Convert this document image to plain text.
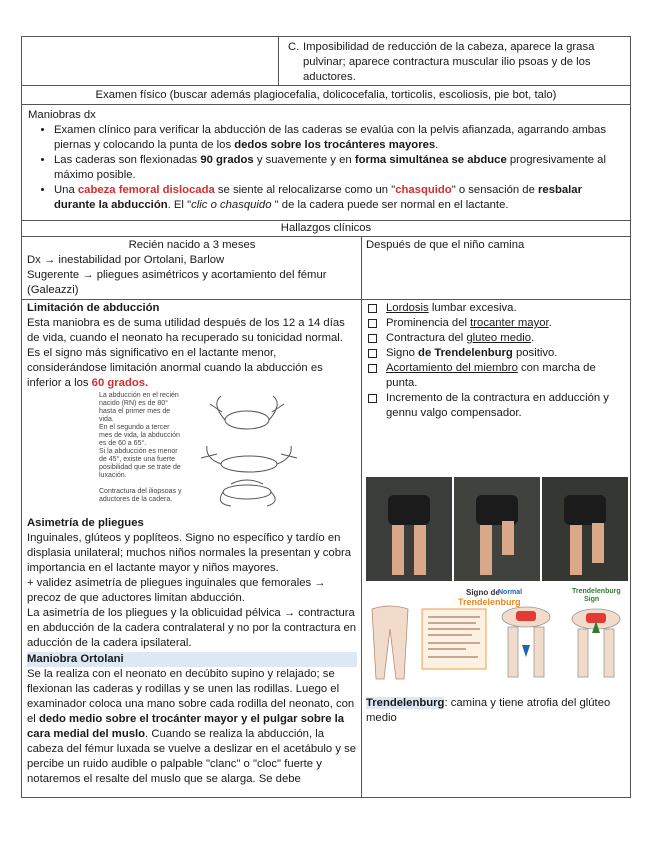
C. Imposibilidad de reducción de la cabeza, aparece la grasa pulvinar; aparece contractura muscular ilio psoas y de los aductores.
Examen físico (buscar además plagiocefalia, dolicocefalia, torticolis, escoliosis, pie bot, talo)
Maniobras dx
• Examen clínico para verificar la abducción de las caderas se evalúa con la pelvis afianzada, agarrando ambas piernas y colocando la punta de los dedos sobre los trocánteres mayores.
• Las caderas son flexionadas 90 grados y suavemente y en forma simultánea se abduce progresivamente al máximo posible.
• Una cabeza femoral dislocada se siente al relocalizarse como un "chasquido" o sensación de resbalar durante la abducción. El "clic o chasquido " de la cadera puede ser normal en el lactante.
Hallazgos clínicos
Recién nacido a 3 meses
Dx → inestabilidad por Ortolani, Barlow
Sugerente → pliegues asimétricos y acortamiento del fémur (Galeazzi)
Después de que el niño camina
Limitación de abducción
Esta maniobra es de suma utilidad después de los 12 a 14 días de vida, cuando el neonato ha recuperado su tonicidad normal. Es el signo más significativo en el lactante menor, considerándose limitación anormal cuando la abducción es inferior a los 60 grados.
La abducción en el recién nacido (RN) es de 80° hasta el primer mes de vida.
En el segundo a tercer mes de vida, la abducción es de 60 a 65°.
Si la abducción es menor de 45°, existe una fuerte posibilidad que se trate de luxación.
Contractura del iliopsoas y aductores de la cadera.
Asimetría de pliegues
Inguinales, glúteos y poplíteos. Signo no específico y tardío en displasia unilateral; muchos niños normales la presentan y cobra importancia en el lactante mayor y niños mayores.
+ validez asimetría de pliegues inguinales que femorales → precoz de que aductores limitan abducción.
La asimetría de los pliegues y la oblicuidad pélvica → contractura en abducción de la cadera contralateral y no por la contractura en aducción de la cadera ipsilateral.
Maniobra Ortolani
Se la realiza con el neonato en decúbito supino y relajado; se flexionan las caderas y rodillas y se unen las rodillas. Luego el examinador coloca una mano sobre cada rodilla del neonato, con el dedo medio sobre el trocánter mayor y el pulgar sobre la cara medial del muslo. Cuando se realiza la abducción, la cabeza del fémur luxada se vuelve a deslizar en el acetábulo y se percibe un ruido audible o palpable "clanc" o "cloc" fuerte y notaremos el resalte del muslo que se alarga. Se debe
Lordosis lumbar excesiva.
Prominencia del trocanter mayor.
Contractura del gluteo medio.
Signo de Trendelenburg positivo.
Acortamiento del miembro con marcha de punta.
Incremento de la contractura en adducción y gennu valgo compensador.
Signo de
Trendelenburg
Normal	Trendelenburg
Sign
Trendelenburg: camina y tiene atrofia del glúteo medio
